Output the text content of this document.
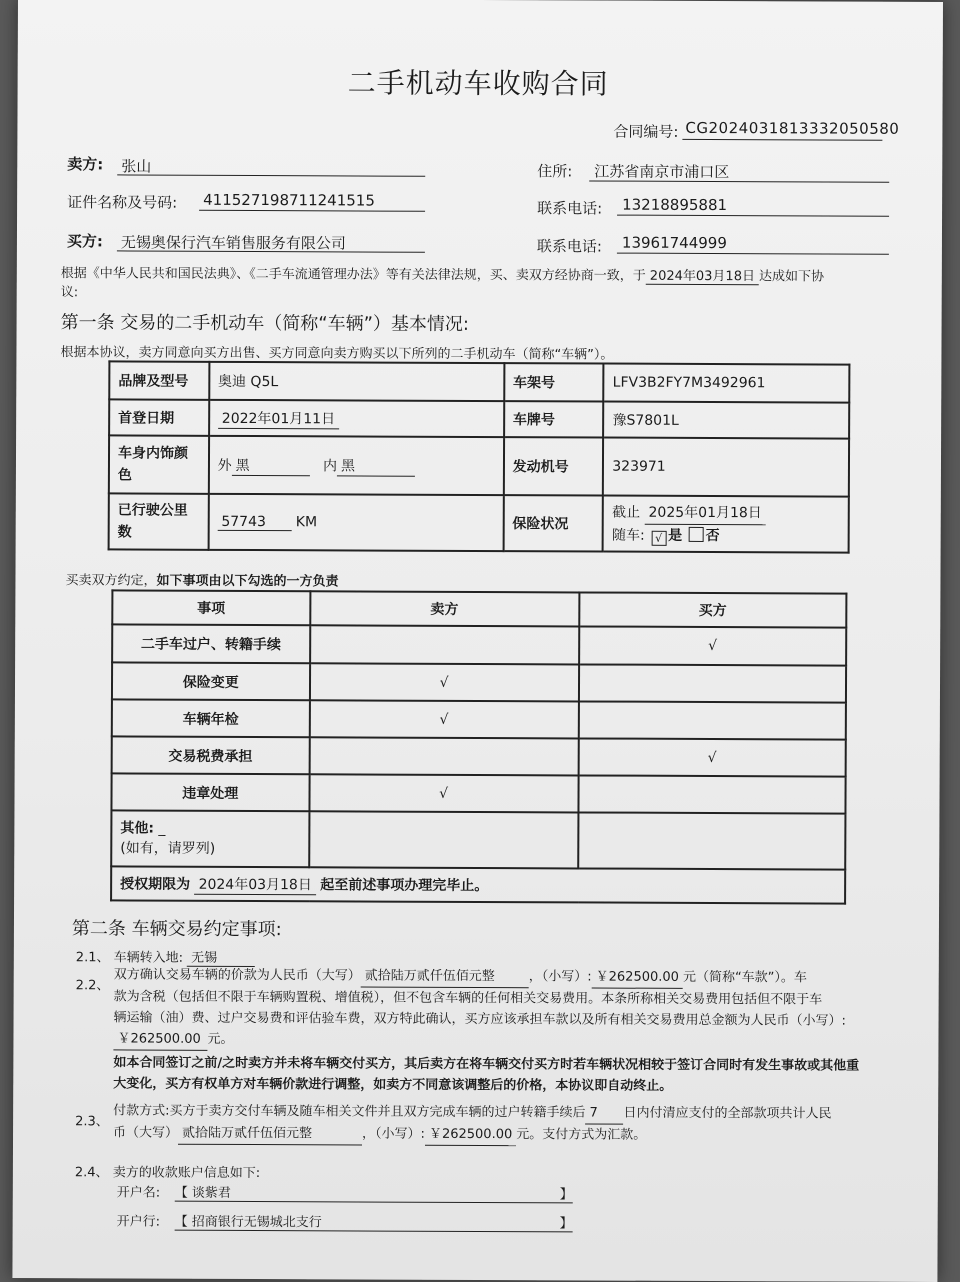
二手机动车收购合同
合同编号: CG2024031813332050580
卖方: 张山	住所: 江苏省南京市浦口区
证件名称及号码: 411527198711241515	联系电话: 13218895881
买方: 无锡奥保行汽车销售服务有限公司	联系电话: 13961744999
根据《中华人民共和国民法典》、《二手车流通管理办法》等有关法律法规，买、卖双方经协商一致，于 2024年03月18日 达成如下协
议:
第一条 交易的二手机动车（简称“车辆”）基本情况:
根据本协议，卖方同意向买方出售、买方同意向卖方购买以下所列的二手机动车（简称“车辆”）。
品牌及型号	奥迪 Q5L	车架号	LFV3B2FY7M3492961
首登日期	2022年01月11日	车牌号	豫S7801L
车身内饰颜色	外 黑 内 黑	发动机号	323971
已行驶公里数	57743 KM	保险状况	截止 2025年01月18日
随车: √ 是 否
买卖双方约定，如下事项由以下勾选的一方负责
事项	卖方	买方
二手车过户、转籍手续		√
保险变更	√	
车辆年检	√	
交易税费承担		√
违章处理	√	
其他: _
(如有，请罗列)		
授权期限为 2024年03月18日 起至前述事项办理完毕止。		
第二条 车辆交易约定事项:
2.1、 车辆转入地: 无锡
2.2、
双方确认交易车辆的价款为人民币（大写） 贰拾陆万贰仟伍佰元整	，（小写）: ￥262500.00 元（简称“车款”）。车
款为含税（包括但不限于车辆购置税、增值税），但不包含车辆的任何相关交易费用。本条所称相关交易费用包括但不限于车
辆运输（油）费、过户交易费和评估验车费，双方特此确认，买方应该承担车款以及所有相关交易费用总金额为人民币（小写）:
￥262500.00 元。
如本合同签订之前/之时卖方并未将车辆交付买方，其后卖方在将车辆交付买方时若车辆状况相较于签订合同时有发生事故或其他重
大变化，买方有权单方对车辆价款进行调整，如卖方不同意该调整后的价格，本协议即自动终止。
2.3、
付款方式:买方于卖方交付车辆及随车相关文件并且双方完成车辆的过户转籍手续后 7 日内付清应支付的全部款项共计人民
币（大写） 贰拾陆万贰仟伍佰元整	，（小写）: ￥262500.00 元。支付方式为汇款。
2.4、 卖方的收款账户信息如下:
开户名: 【 谈紫君	】
开户行: 【 招商银行无锡城北支行	】
